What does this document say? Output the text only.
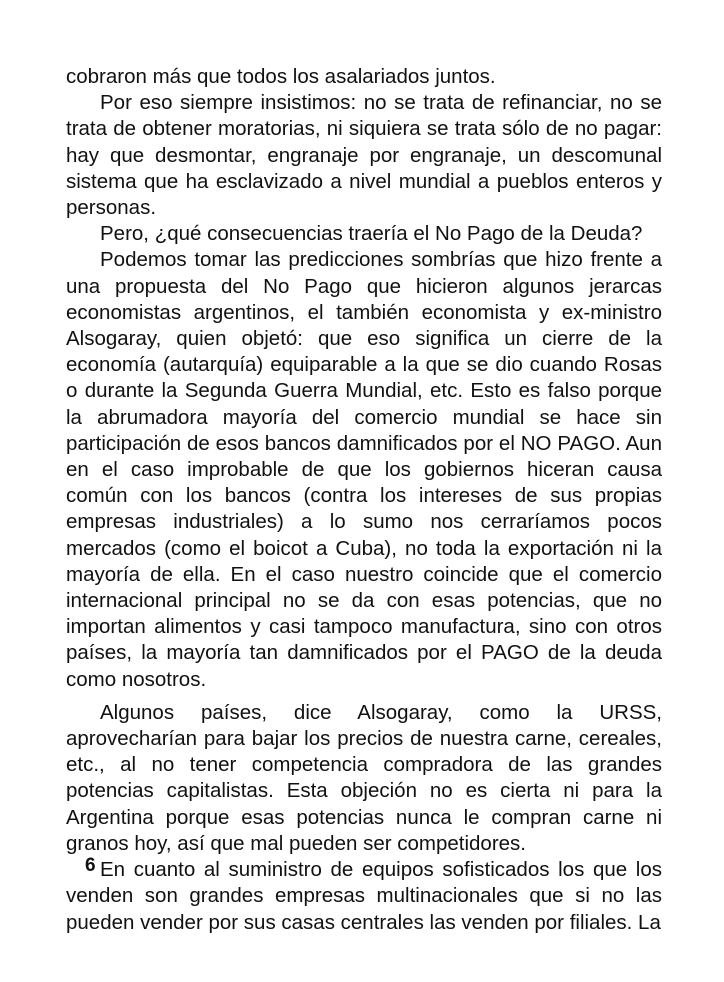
cobraron más que todos los asalariados juntos.

Por eso siempre insistimos: no se trata de refinanciar, no se trata de obtener moratorias, ni siquiera se trata sólo de no pagar: hay que desmontar, engranaje por engranaje, un descomunal sistema que ha esclavizado a nivel mundial a pueblos enteros y personas.

Pero, ¿qué consecuencias traería el No Pago de la Deuda?

Podemos tomar las predicciones sombrías que hizo frente a una propuesta del No Pago que hicieron algunos jerarcas economistas argentinos, el también economista y ex-ministro Alsogaray, quien objetó: que eso significa un cierre de la economía (autarquía) equiparable a la que se dio cuando Rosas o durante la Segunda Guerra Mundial, etc. Esto es falso porque la abrumadora mayoría del comercio mundial se hace sin participación de esos bancos damnificados por el NO PAGO. Aun en el caso improbable de que los gobiernos hiceran causa común con los bancos (contra los intereses de sus propias empresas industriales) a lo sumo nos cerraríamos pocos mercados (como el boicot a Cuba), no toda la exportación ni la mayoría de ella. En el caso nuestro coincide que el comercio internacional principal no se da con esas potencias, que no importan alimentos y casi tampoco manufactura, sino con otros países, la mayoría tan damnificados por el PAGO de la deuda como nosotros.

Algunos países, dice Alsogaray, como la URSS, aprovecharían para bajar los precios de nuestra carne, cereales, etc., al no tener competencia compradora de las grandes potencias capitalistas. Esta objeción no es cierta ni para la Argentina porque esas potencias nunca le compran carne ni granos hoy, así que mal pueden ser competidores.

En cuanto al suministro de equipos sofisticados los que los venden son grandes empresas multinacionales que si no las pueden vender por sus casas centrales las venden por filiales. La

6
